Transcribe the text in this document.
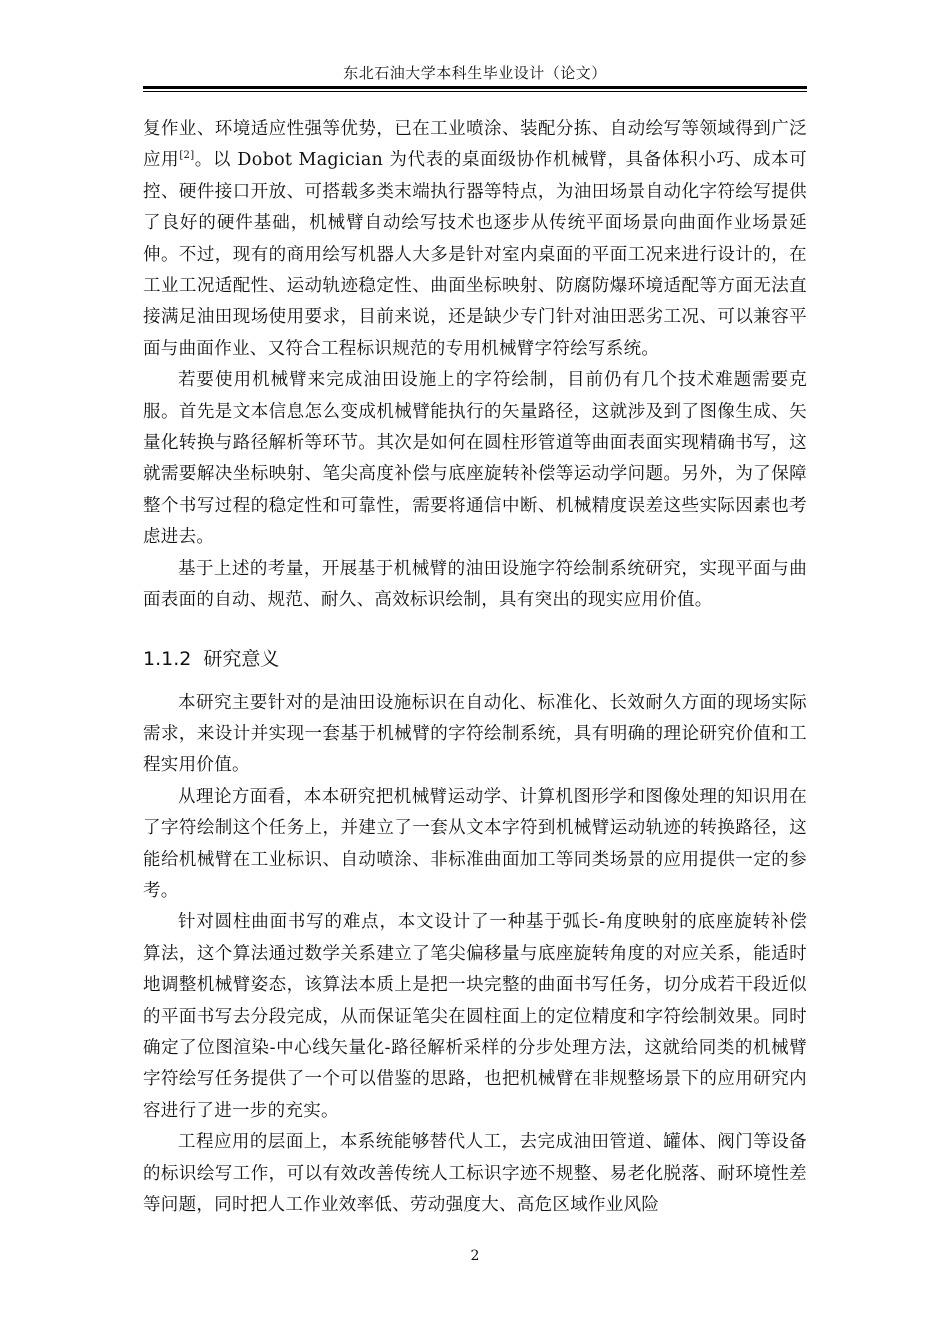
东北石油大学本科生毕业设计（论文）

复作业、环境适应性强等优势，已在工业喷涂、装配分拣、自动绘写等领域得到广泛应用[2]。以 Dobot Magician 为代表的桌面级协作机械臂，具备体积小巧、成本可控、硬件接口开放、可搭载多类末端执行器等特点，为油田场景自动化字符绘写提供了良好的硬件基础，机械臂自动绘写技术也逐步从传统平面场景向曲面作业场景延伸。不过，现有的商用绘写机器人大多是针对室内桌面的平面工况来进行设计的，在工业工况适配性、运动轨迹稳定性、曲面坐标映射、防腐防爆环境适配等方面无法直接满足油田现场使用要求，目前来说，还是缺少专门针对油田恶劣工况、可以兼容平面与曲面作业、又符合工程标识规范的专用机械臂字符绘写系统。

若要使用机械臂来完成油田设施上的字符绘制，目前仍有几个技术难题需要克服。首先是文本信息怎么变成机械臂能执行的矢量路径，这就涉及到了图像生成、矢量化转换与路径解析等环节。其次是如何在圆柱形管道等曲面表面实现精确书写，这就需要解决坐标映射、笔尖高度补偿与底座旋转补偿等运动学问题。另外，为了保障整个书写过程的稳定性和可靠性，需要将通信中断、机械精度误差这些实际因素也考虑进去。

基于上述的考量，开展基于机械臂的油田设施字符绘制系统研究，实现平面与曲面表面的自动、规范、耐久、高效标识绘制，具有突出的现实应用价值。

1.1.2 研究意义

本研究主要针对的是油田设施标识在自动化、标准化、长效耐久方面的现场实际需求，来设计并实现一套基于机械臂的字符绘制系统，具有明确的理论研究价值和工程实用价值。

从理论方面看，本本研究把机械臂运动学、计算机图形学和图像处理的知识用在了字符绘制这个任务上，并建立了一套从文本字符到机械臂运动轨迹的转换路径，这能给机械臂在工业标识、自动喷涂、非标准曲面加工等同类场景的应用提供一定的参考。

针对圆柱曲面书写的难点，本文设计了一种基于弧长-角度映射的底座旋转补偿算法，这个算法通过数学关系建立了笔尖偏移量与底座旋转角度的对应关系，能适时地调整机械臂姿态，该算法本质上是把一块完整的曲面书写任务，切分成若干段近似的平面书写去分段完成，从而保证笔尖在圆柱面上的定位精度和字符绘制效果。同时确定了位图渲染-中心线矢量化-路径解析采样的分步处理方法，这就给同类的机械臂字符绘写任务提供了一个可以借鉴的思路，也把机械臂在非规整场景下的应用研究内容进行了进一步的充实。

工程应用的层面上，本系统能够替代人工，去完成油田管道、罐体、阀门等设备的标识绘写工作，可以有效改善传统人工标识字迹不规整、易老化脱落、耐环境性差等问题，同时把人工作业效率低、劳动强度大、高危区域作业风险

2
